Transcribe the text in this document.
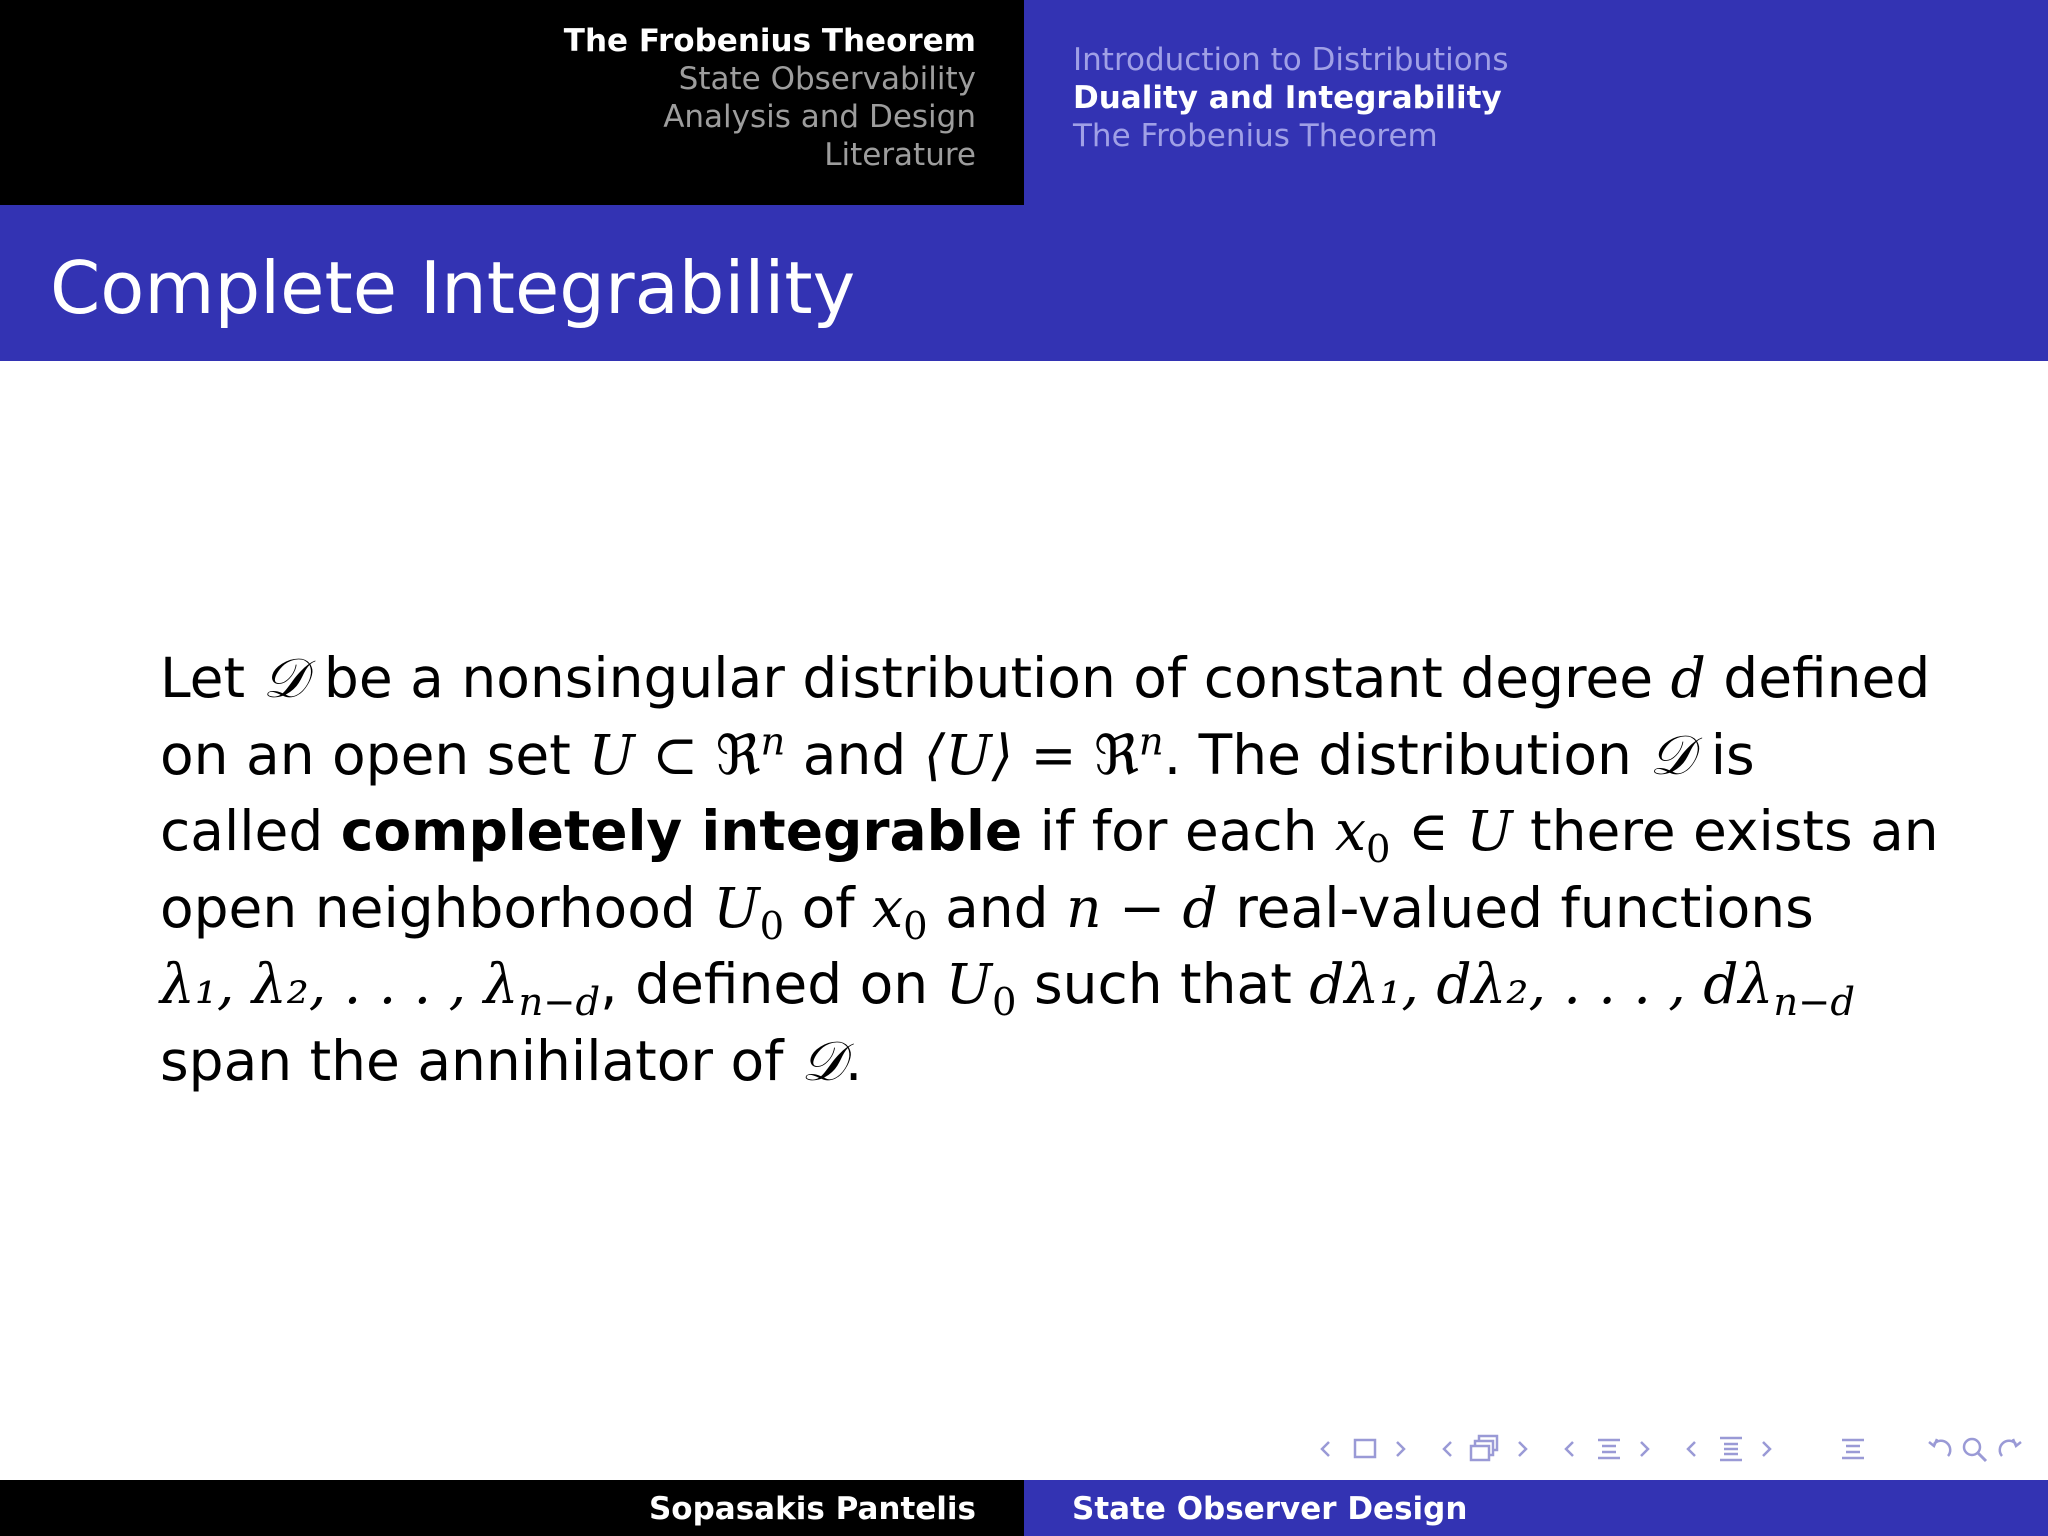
The Frobenius Theorem
State Observability
Analysis and Design
Literature
Introduction to Distributions
Duality and Integrability
The Frobenius Theorem
Complete Integrability
Let 𝒟 be a nonsingular distribution of constant degree d defined
on an open set U ⊂ ℜ$^n$ and ⟨U⟩ = ℜ$^n$. The distribution 𝒟 is
called completely integrable if for each $x_0$ ∈ U there exists an
open neighborhood $U_0$ of $x_0$ and n − d real-valued functions
λ₁, λ₂, . . . , $\lambda_{n-d}$, defined on $U_0$ such that dλ₁, dλ₂, . . . , $d\lambda_{n-d}$
span the annihilator of 𝒟.
Sopasakis Pantelis	State Observer Design
